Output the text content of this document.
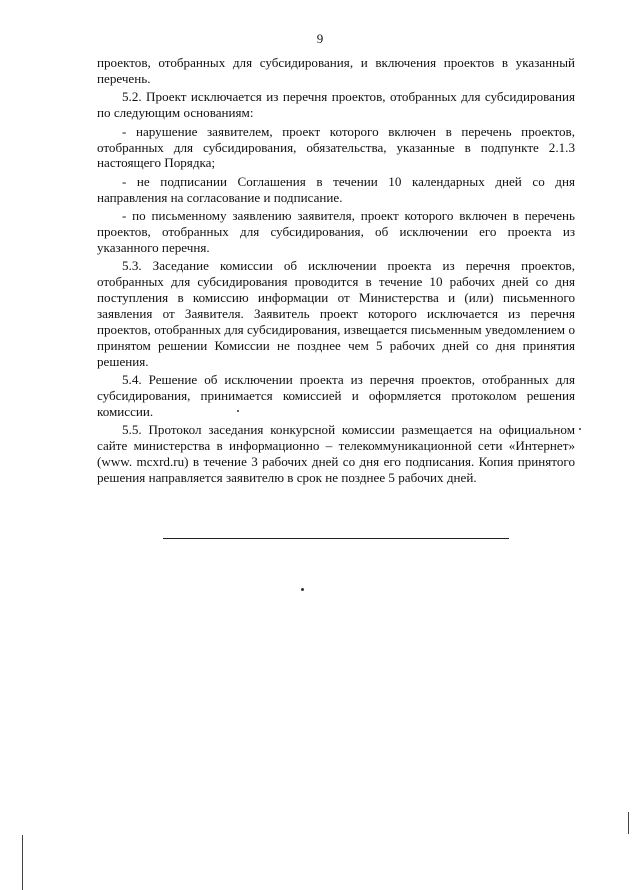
9

проектов, отобранных для субсидирования, и включения проектов в указанный перечень.

5.2. Проект исключается из перечня проектов, отобранных для субсидирования по следующим основаниям:

- нарушение заявителем, проект которого включен в перечень проектов, отобранных для субсидирования, обязательства, указанные в подпункте 2.1.3 настоящего Порядка;

- не подписании Соглашения в течении 10 календарных дней со дня направления на согласование и подписание.

- по письменному заявлению заявителя, проект которого включен в перечень проектов, отобранных для субсидирования, об исключении его проекта из указанного перечня.

5.3. Заседание комиссии об исключении проекта из перечня проектов, отобранных для субсидирования проводится в течение 10 рабочих дней со дня поступления в комиссию информации от Министерства и (или) письменного заявления от Заявителя. Заявитель проект которого исключается из перечня проектов, отобранных для субсидирования, извещается письменным уведомлением о принятом решении Комиссии не позднее чем 5 рабочих дней со дня принятия решения.

5.4. Решение об исключении проекта из перечня проектов, отобранных для субсидирования, принимается комиссией и оформляется протоколом решения комиссии.

5.5. Протокол заседания конкурсной комиссии размещается на официальном сайте министерства в информационно – телекоммуникационной сети «Интернет» (www. mcxrd.ru) в течение 3 рабочих дней со дня его подписания. Копия принятого решения направляется заявителю в срок не позднее 5 рабочих дней.
